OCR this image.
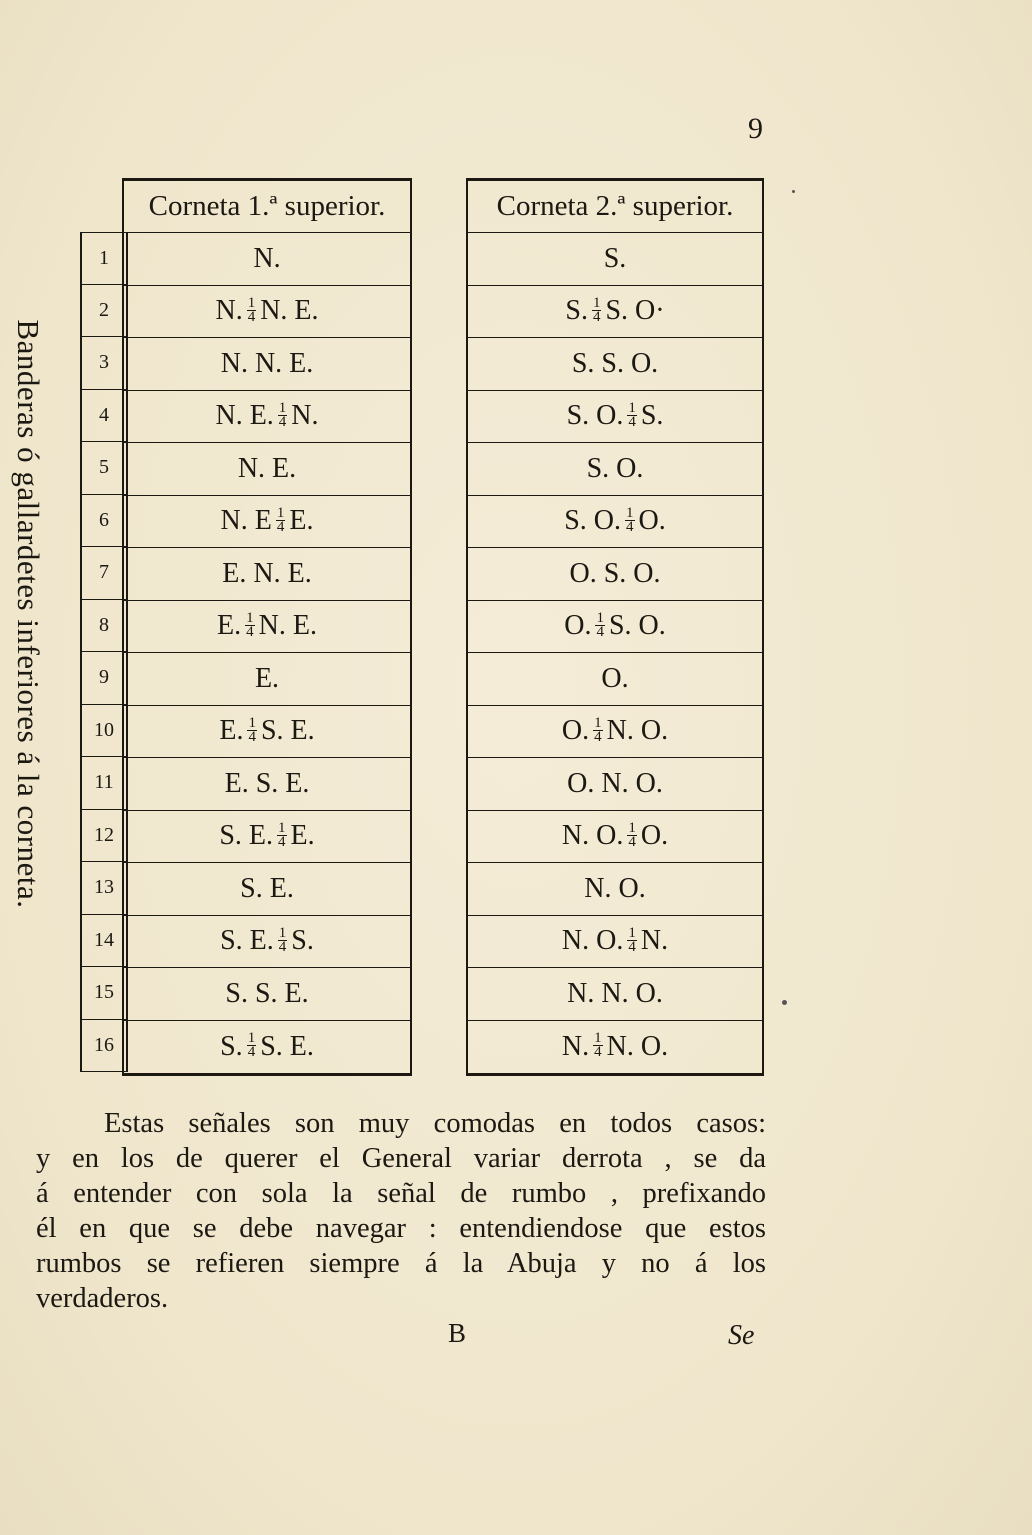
9
Banderas ó gallardetes inferiores á la corneta.
1
2
3
4
5
6
7
8
9
10
11
12
13
14
15
16
Corneta 1.ª superior.
N.
N. $\frac{1}{4} N$. E.
N. N. E.
N. E. $\frac{1}{4} N$.
N. E.
N. E $\frac{1}{4} E$.
E. N. E.
E. $\frac{1}{4} N$. E.
E.
E. $\frac{1}{4} S$. E.
E. S. E.
S. E. $\frac{1}{4} E$.
S. E.
S. E. $\frac{1}{4} S$.
S. S. E.
S. $\frac{1}{4} S$. E.
Corneta 2.ª superior.
S.
S. $\frac{1}{4} S$. O·
S. S. O.
S. O. $\frac{1}{4} S$.
S. O.
S. O. $\frac{1}{4} O$.
O. S. O.
O. $\frac{1}{4} S$. O.
O.
O. $\frac{1}{4} N$. O.
O. N. O.
N. O. $\frac{1}{4} O$.
N. O.
N. O. $\frac{1}{4} N$.
N. N. O.
N. $\frac{1}{4} N$. O.
Estas señales son muy comodas en todos casos:
y en los de querer el General variar derrota , se da
á entender con sola la señal de rumbo , prefixando
él en que se debe navegar : entendiendose que estos
rumbos se refieren siempre á la Abuja y no á los
verdaderos.
B	Se
